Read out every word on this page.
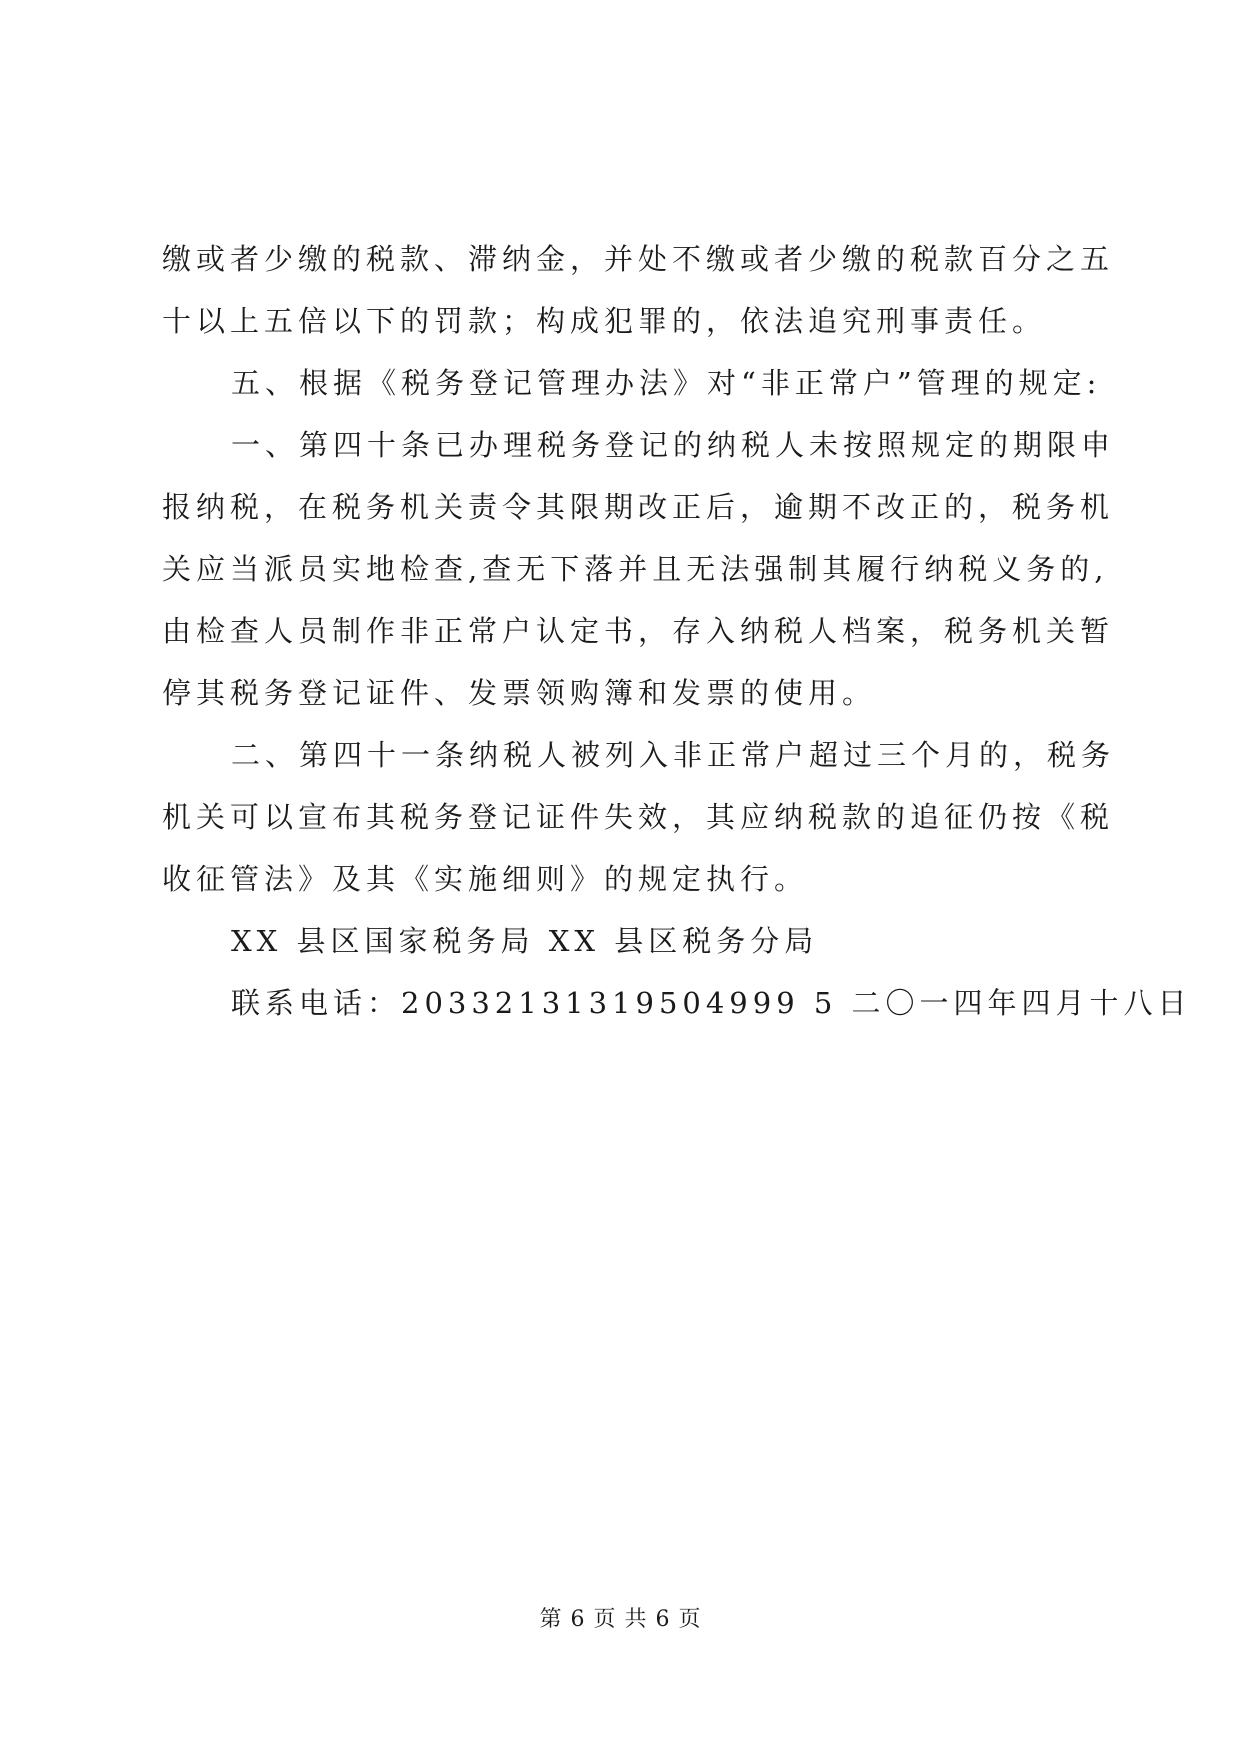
缴或者少缴的税款、滞纳金，并处不缴或者少缴的税款百分之五

十以上五倍以下的罚款；构成犯罪的，依法追究刑事责任。

五、根据《税务登记管理办法》对“非正常户”管理的规定:

一、第四十条已办理税务登记的纳税人未按照规定的期限申

报纳税，在税务机关责令其限期改正后，逾期不改正的，税务机

关应当派员实地检查,查无下落并且无法强制其履行纳税义务的,

由检查人员制作非正常户认定书，存入纳税人档案，税务机关暂

停其税务登记证件、发票领购簿和发票的使用。

二、第四十一条纳税人被列入非正常户超过三个月的，税务

机关可以宣布其税务登记证件失效，其应纳税款的追征仍按《税

收征管法》及其《实施细则》的规定执行。

XX 县区国家税务局 XX 县区税务分局

联系电话：20332131319504999 5 二〇一四年四月十八日

第 6 页 共 6 页
